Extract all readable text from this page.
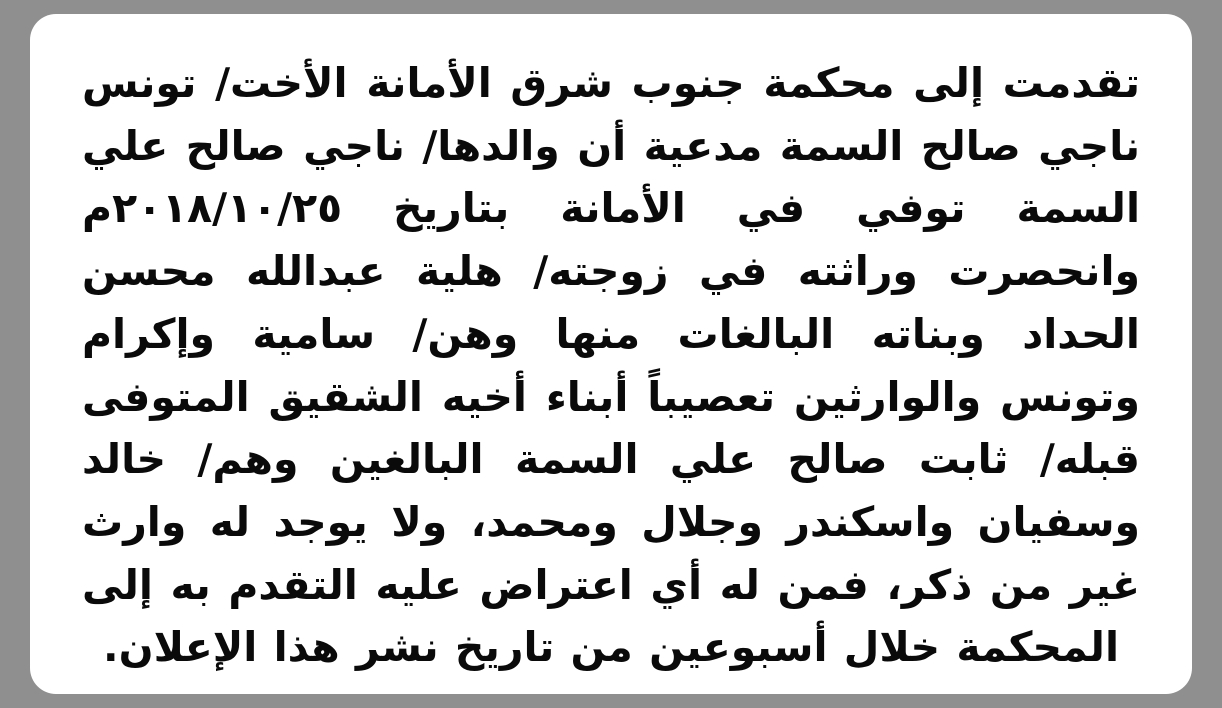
تقدمت إلى محكمة جنوب شرق الأمانة الأخت/ تونس ناجي صالح السمة مدعية أن والدها/ ناجي صالح علي السمة توفي في الأمانة بتاريخ ٢٠١٨/١٠/٢٥م وانحصرت وراثته في زوجته/ هلية عبدالله محسن الحداد وبناته البالغات منها وهن/ سامية وإكرام وتونس والوارثين تعصيباً أبناء أخيه الشقيق المتوفى قبله/ ثابت صالح علي السمة البالغين وهم/ خالد وسفيان واسكندر وجلال ومحمد، ولا يوجد له وارث غير من ذكر، فمن له أي اعتراض عليه التقدم به إلى المحكمة خلال أسبوعين من تاريخ نشر هذا الإعلان.
